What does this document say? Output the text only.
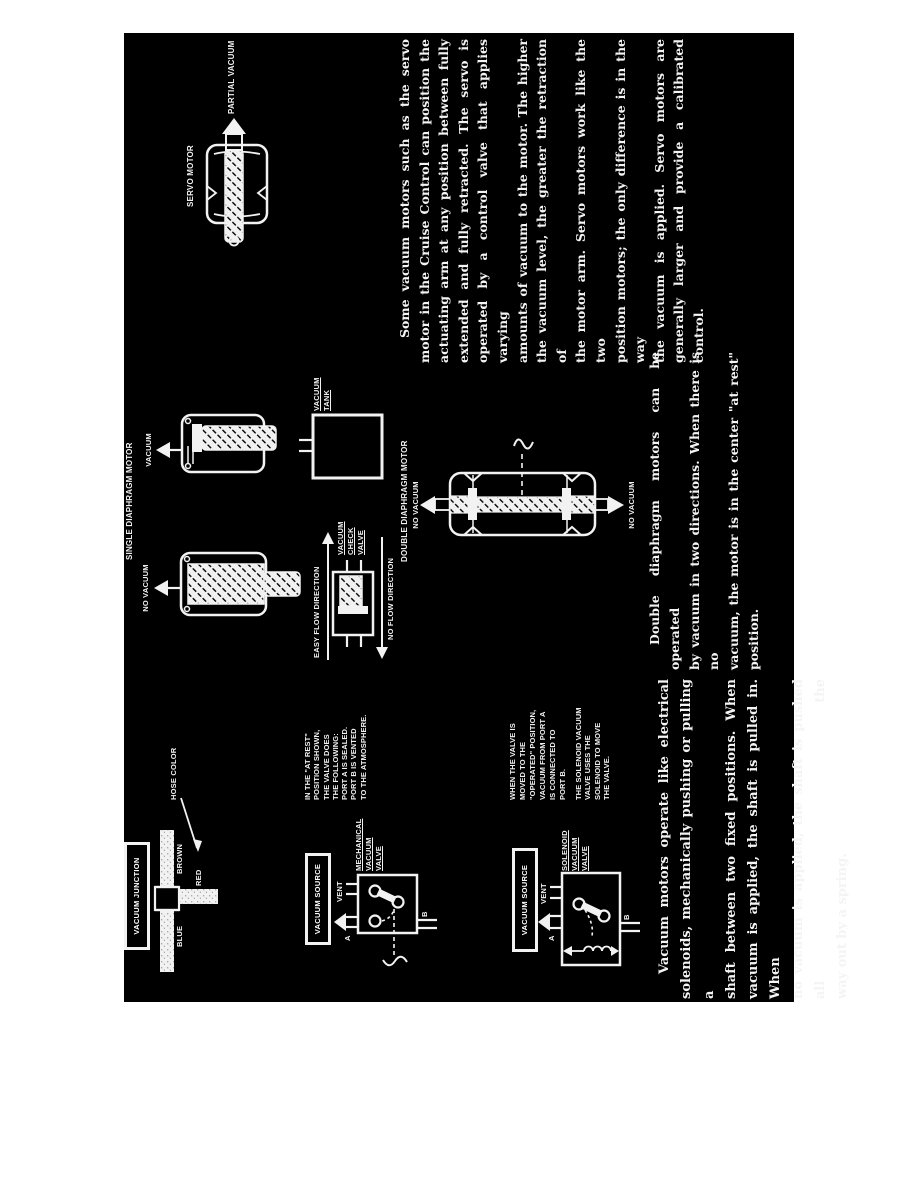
VACUUM JUNCTION
BLUE
BROWN
RED
HOSE COLOR
VACUUM SOURCE	VENT
A
B
MECHANICAL VACUUM VALVE
IN THE "AT REST" POSITION SHOWN, THE VALVE DOES THE FOLLOWING: PORT A IS SEALED. PORT B IS VENTED TO THE ATMOSPHERE.
VACUUM SOURCE	VENT
A
B
SOLENOID VACUUM VALVE
WHEN THE VALVE IS MOVED TO THE "OPERATED" POSITION, VACUUM FROM PORT A IS CONNECTED TO PORT B. THE SOLENOID VACUUM VALVE USES THE SOLENOID TO MOVE THE VALVE.	Vacuum motors operate like electrical solenoids, mechanically pushing or pulling a shaft between two fixed positions. When vacuum is applied, the shaft is pulled in. When no vacuum is applied, the shaft is pushed all the way out by a spring.
SINGLE DIAPHRAGM MOTOR
NO VACUUM
VACUUM
VACUUM TANK
EASY FLOW DIRECTION
VACUUM CHECK VALVE
NO FLOW DIRECTION
DOUBLE DIAPHRAGM MOTOR NO VACUUM	NO VACUUM Double diaphragm motors can be operated by vacuum in two directions. When there is no vacuum, the motor is in the center "at rest" position.
SERVO MOTOR
PARTIAL VACUUM	Some vacuum motors such as the servo motor in the Cruise Control can position the actuating arm at any position between fully extended and fully retracted. The servo is operated by a control valve that applies varying amounts of vacuum to the motor. The higher the vacuum level, the greater the retraction of the motor arm. Servo motors work like the two position motors; the only difference is in the way the vacuum is applied. Servo motors are generally larger and provide a calibrated control.
